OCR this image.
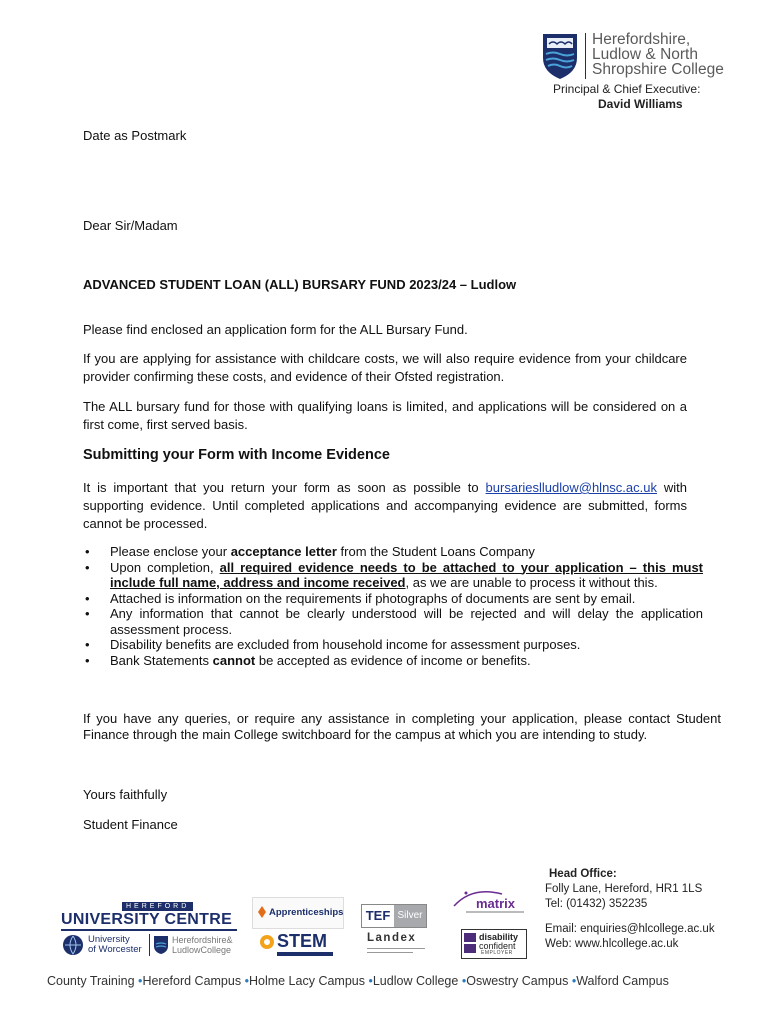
Herefordshire,
Ludlow & North
Shropshire College
Principal & Chief Executive:
David Williams
Date as Postmark
Dear Sir/Madam
ADVANCED STUDENT LOAN (ALL) BURSARY FUND 2023/24 – Ludlow
Please find enclosed an application form for the ALL Bursary Fund.
If you are applying for assistance with childcare costs, we will also require evidence from your childcare provider confirming these costs, and evidence of their Ofsted registration.
The ALL bursary fund for those with qualifying loans is limited, and applications will be considered on a first come, first served basis.
Submitting your Form with Income Evidence
It is important that you return your form as soon as possible to bursarieslludlow@hlnsc.ac.uk with supporting evidence. Until completed applications and accompanying evidence are submitted, forms cannot be processed.
• Please enclose your acceptance letter from the Student Loans Company
• Upon completion, all required evidence needs to be attached to your application – this must include full name, address and income received, as we are unable to process it without this.
• Attached is information on the requirements if photographs of documents are sent by email.
• Any information that cannot be clearly understood will be rejected and will delay the application assessment process.
• Disability benefits are excluded from household income for assessment purposes.
• Bank Statements cannot be accepted as evidence of income or benefits.
If you have any queries, or require any assistance in completing your application, please contact Student Finance through the main College switchboard for the campus at which you are intending to study.
Yours faithfully
Student Finance
HEREFORD
UNIVERSITY CENTRE
University
of Worcester
Herefordshire&
LudlowCollege
Apprenticeships
STEM
TEF Silver
Landex
matrix
disability
confident
EMPLOYER
Head Office:
Folly Lane, Hereford, HR1 1LS
Tel: (01432) 352235
Email: enquiries@hlcollege.ac.uk
Web: www.hlcollege.ac.uk
County Training •Hereford Campus •Holme Lacy Campus •Ludlow College •Oswestry Campus •Walford Campus
